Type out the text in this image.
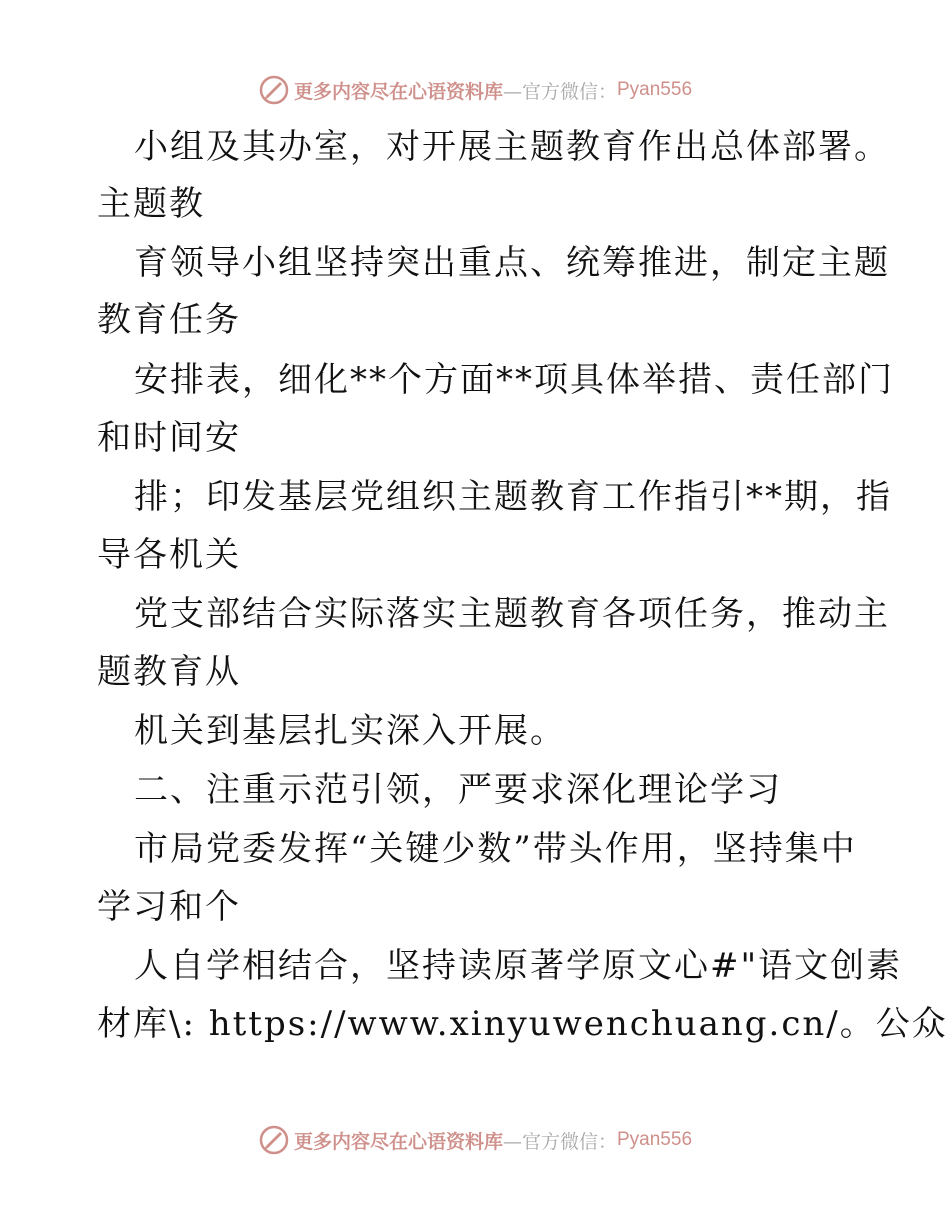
更多内容尽在心语资料库 —官方微信： Pyan556
小组及其办室，对开展主题教育作出总体部署。
主题教
育领导小组坚持突出重点、统筹推进，制定主题
教育任务
安排表，细化**个方面**项具体举措、责任部门
和时间安
排；印发基层党组织主题教育工作指引**期，指
导各机关
党支部结合实际落实主题教育各项任务，推动主
题教育从
机关到基层扎实深入开展。
二、注重示范引领，严要求深化理论学习
市局党委发挥“关键少数”带头作用，坚持集中
学习和个
人自学相结合，坚持读原著学原文心#"语文创素
材库\: https://www.xinyuwenchuang.cn/。公众
更多内容尽在心语资料库 —官方微信： Pyan556
